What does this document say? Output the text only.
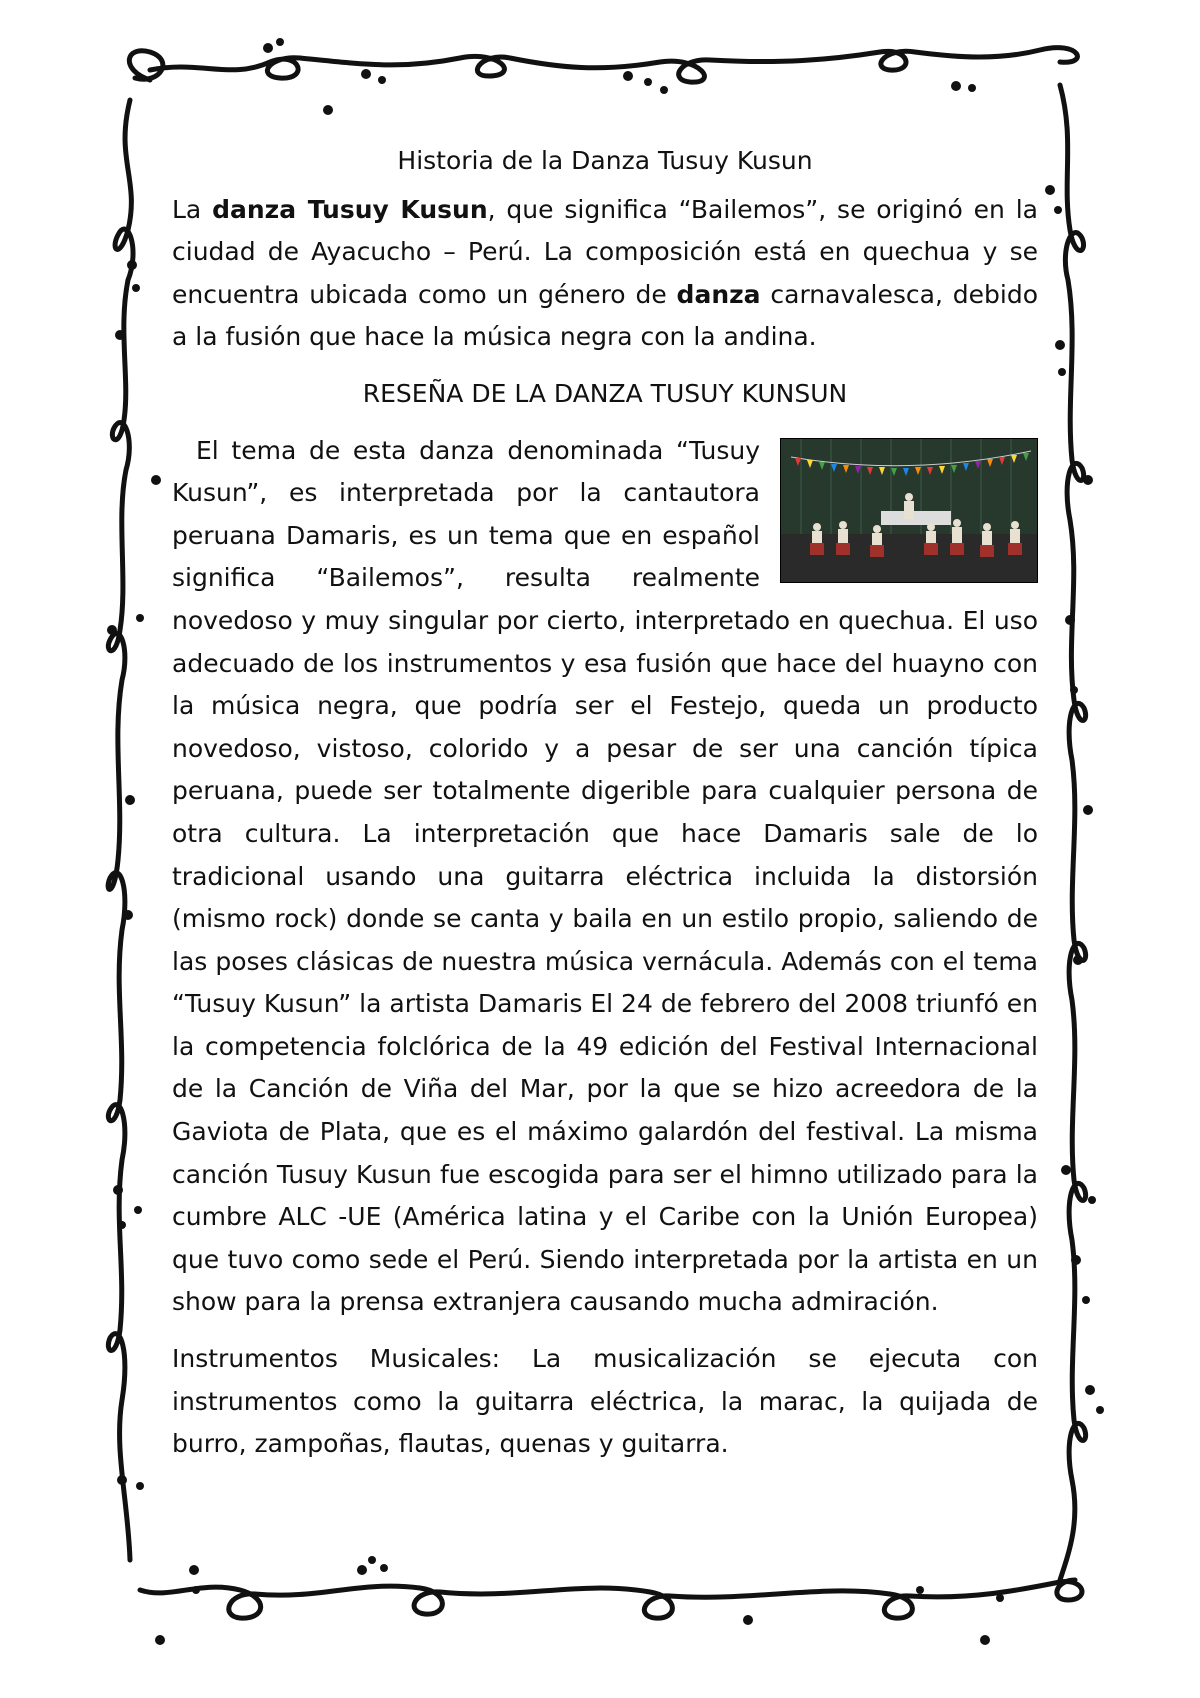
Historia de la Danza Tusuy Kusun

La danza Tusuy Kusun, que significa “Bailemos”, se originó en la ciudad de Ayacucho – Perú. La composición está en quechua y se encuentra ubicada como un género de danza carnavalesca, debido a la fusión que hace la música negra con la andina.

RESEÑA DE LA DANZA TUSUY KUNSUN

El tema de esta danza denominada “Tusuy Kusun”, es interpretada por la cantautora peruana Damaris, es un tema que en español significa “Bailemos”, resulta realmente novedoso y muy singular por cierto, interpretado en quechua. El uso adecuado de los instrumentos y esa fusión que hace del huayno con la música negra, que podría ser el Festejo, queda un producto novedoso, vistoso, colorido y a pesar de ser una canción típica peruana, puede ser totalmente digerible para cualquier persona de otra cultura. La interpretación que hace Damaris sale de lo tradicional usando una guitarra eléctrica incluida la distorsión (mismo rock) donde se canta y baila en un estilo propio, saliendo de las poses clásicas de nuestra música vernácula. Además con el tema “Tusuy Kusun” la artista Damaris El 24 de febrero del 2008 triunfó en la competencia folclórica de la 49 edición del Festival Internacional de la Canción de Viña del Mar, por la que se hizo acreedora de la Gaviota de Plata, que es el máximo galardón del festival. La misma canción Tusuy Kusun fue escogida para ser el himno utilizado para la cumbre ALC -UE (América latina y el Caribe con la Unión Europea) que tuvo como sede el Perú. Siendo interpretada por la artista en un show para la prensa extranjera causando mucha admiración.

Instrumentos Musicales: La musicalización se ejecuta con instrumentos como la guitarra eléctrica, la marac, la quijada de burro, zampoñas, flautas, quenas y guitarra.
